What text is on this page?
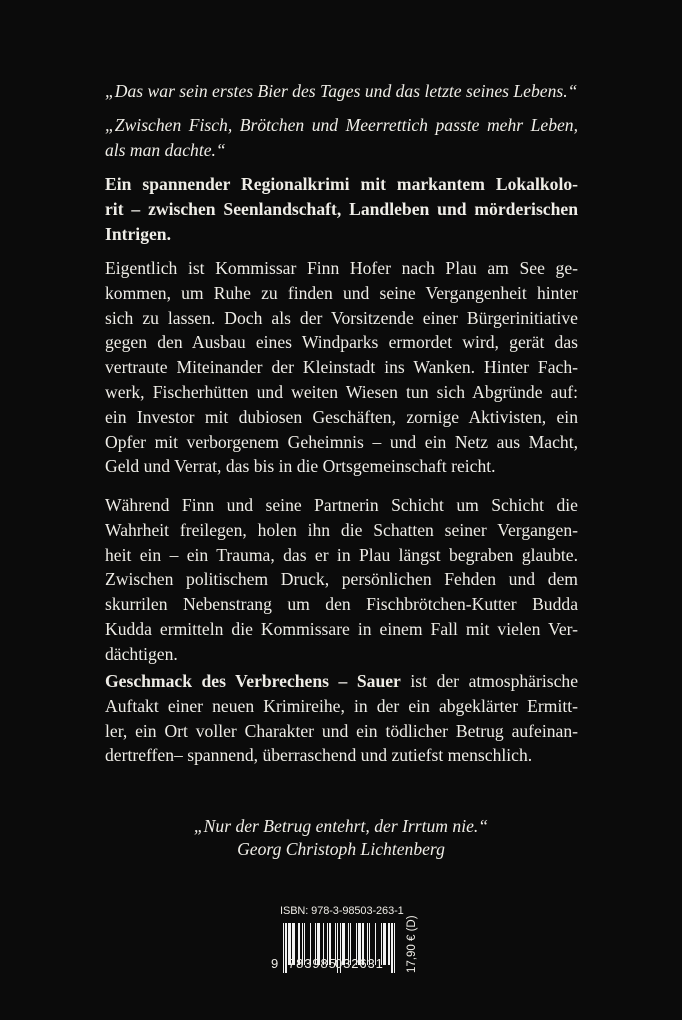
„Das war sein erstes Bier des Tages und das letzte seines Lebens.“
„Zwischen Fisch, Brötchen und Meerrettich passte mehr Leben,
als man dachte.“
Ein spannender Regionalkrimi mit markantem Lokalkolo-
rit – zwischen Seenlandschaft, Landleben und mörderischen
Intrigen.
Eigentlich ist Kommissar Finn Hofer nach Plau am See ge-
kommen, um Ruhe zu finden und seine Vergangenheit hinter
sich zu lassen. Doch als der Vorsitzende einer Bürgerinitiative
gegen den Ausbau eines Windparks ermordet wird, gerät das
vertraute Miteinander der Kleinstadt ins Wanken. Hinter Fach-
werk, Fischerhütten und weiten Wiesen tun sich Abgründe auf:
ein Investor mit dubiosen Geschäften, zornige Aktivisten, ein
Opfer mit verborgenem Geheimnis – und ein Netz aus Macht,
Geld und Verrat, das bis in die Ortsgemeinschaft reicht.
Während Finn und seine Partnerin Schicht um Schicht die
Wahrheit freilegen, holen ihn die Schatten seiner Vergangen-
heit ein – ein Trauma, das er in Plau längst begraben glaubte.
Zwischen politischem Druck, persönlichen Fehden und dem
skurrilen Nebenstrang um den Fischbrötchen-Kutter Budda
Kudda ermitteln die Kommissare in einem Fall mit vielen Ver-
dächtigen.
Geschmack des Verbrechens – Sauer ist der atmosphärische
Auftakt einer neuen Krimireihe, in der ein abgeklärter Ermitt-
ler, ein Ort voller Charakter und ein tödlicher Betrug aufeinan-
dertreffen– spannend, überraschend und zutiefst menschlich.
„Nur der Betrug entehrt, der Irrtum nie.“
Georg Christoph Lichtenberg
ISBN: 978-3-98503-263-1
9 783985
032631 17,90 € (D)
